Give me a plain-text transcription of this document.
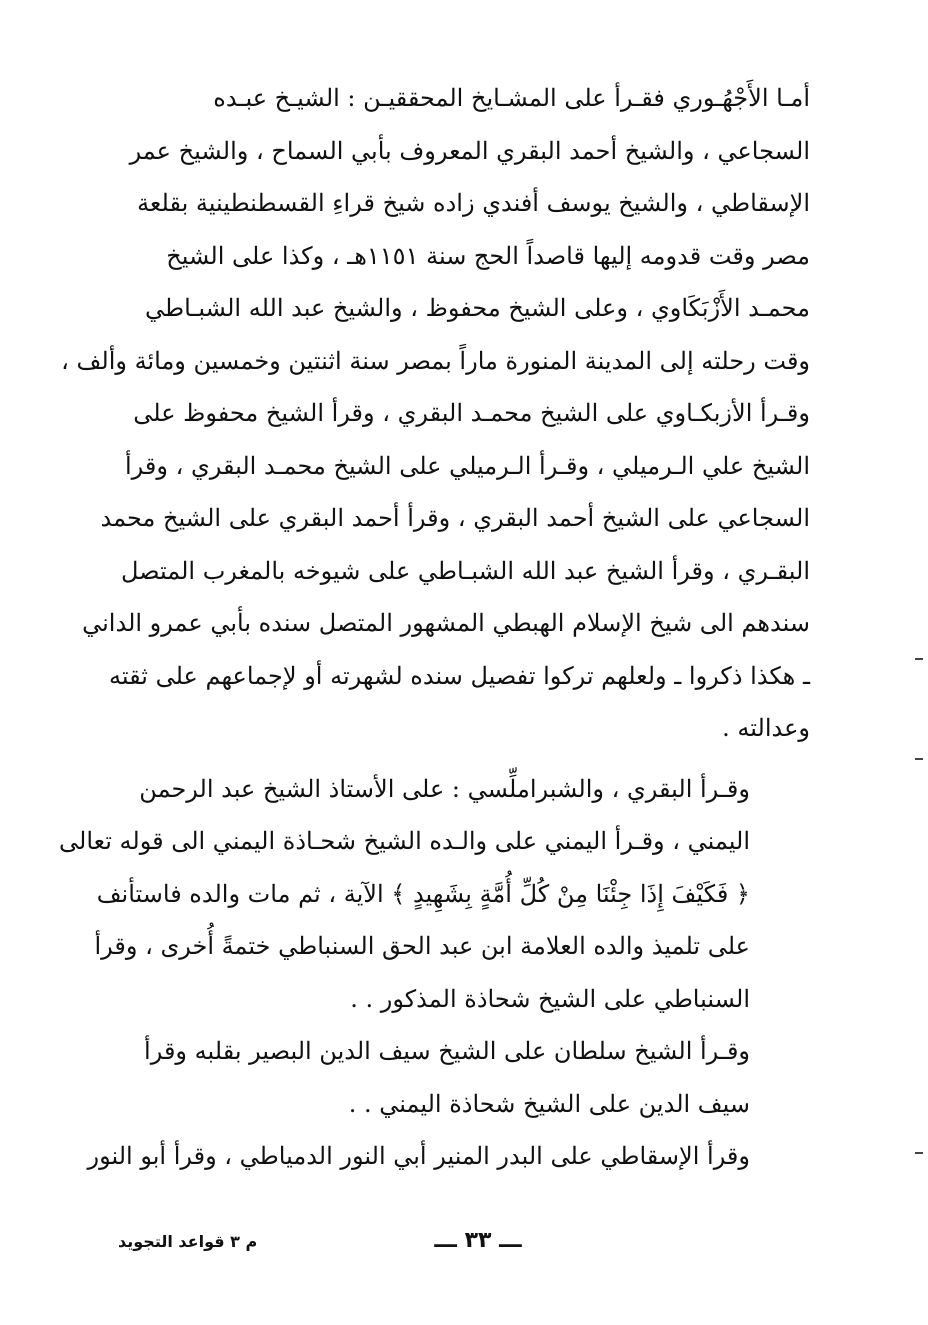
أمـا الأَجْهُـوري فقـرأ على المشـايخ المحققيـن : الشيـخ عبـده
السجاعي ، والشيخ أحمد البقري المعروف بأبي السماح ، والشيخ عمر
الإسقاطي ، والشيخ يوسف أفندي زاده شيخ قراءِ القسطنطينية بقلعة
مصر وقت قدومه إليها قاصداً الحج سنة ١١٥١هـ ، وكذا على الشيخ
محمـد الأَزْبَكَاوي ، وعلى الشيخ محفوظ ، والشيخ عبد الله الشبـاطي
وقت رحلته إلى المدينة المنورة ماراً بمصر سنة اثنتين وخمسين ومائة وألف ،
وقـرأ الأزبكـاوي على الشيخ محمـد البقري ، وقرأ الشيخ محفوظ على
الشيخ علي الـرميلي ، وقـرأ الـرميلي على الشيخ محمـد البقري ، وقرأ
السجاعي على الشيخ أحمد البقري ، وقرأ أحمد البقري على الشيخ محمد
البقـري ، وقرأ الشيخ عبد الله الشبـاطي على شيوخه بالمغرب المتصل
سندهم الى شيخ الإسلام الهبطي المشهور المتصل سنده بأبي عمرو الداني
ـ هكذا ذكروا ـ ولعلهم تركوا تفصيل سنده لشهرته أو لإجماعهم على ثقته
وعدالته .

وقـرأ البقري ، والشبراملِّسي : على الأستاذ الشيخ عبد الرحمن
اليمني ، وقـرأ اليمني على والـده الشيخ شحـاذة اليمني الى قوله تعالى
﴿ فَكَيْفَ إِذَا جِئْنَا مِنْ كُلِّ أُمَّةٍ بِشَهِيدٍ ﴾ الآية ، ثم مات والده فاستأنف
على تلميذ والده العلامة ابن عبد الحق السنباطي ختمةً أُخرى ، وقرأ
السنباطي على الشيخ شحاذة المذكور . .

وقـرأ الشيخ سلطان على الشيخ سيف الدين البصير بقلبه وقرأ
سيف الدين على الشيخ شحاذة اليمني . .

وقرأ الإسقاطي على البدر المنير أبي النور الدمياطي ، وقرأ أبو النور

ـــ ٣٣ ـــ
م ٣ قواعد التجويد
